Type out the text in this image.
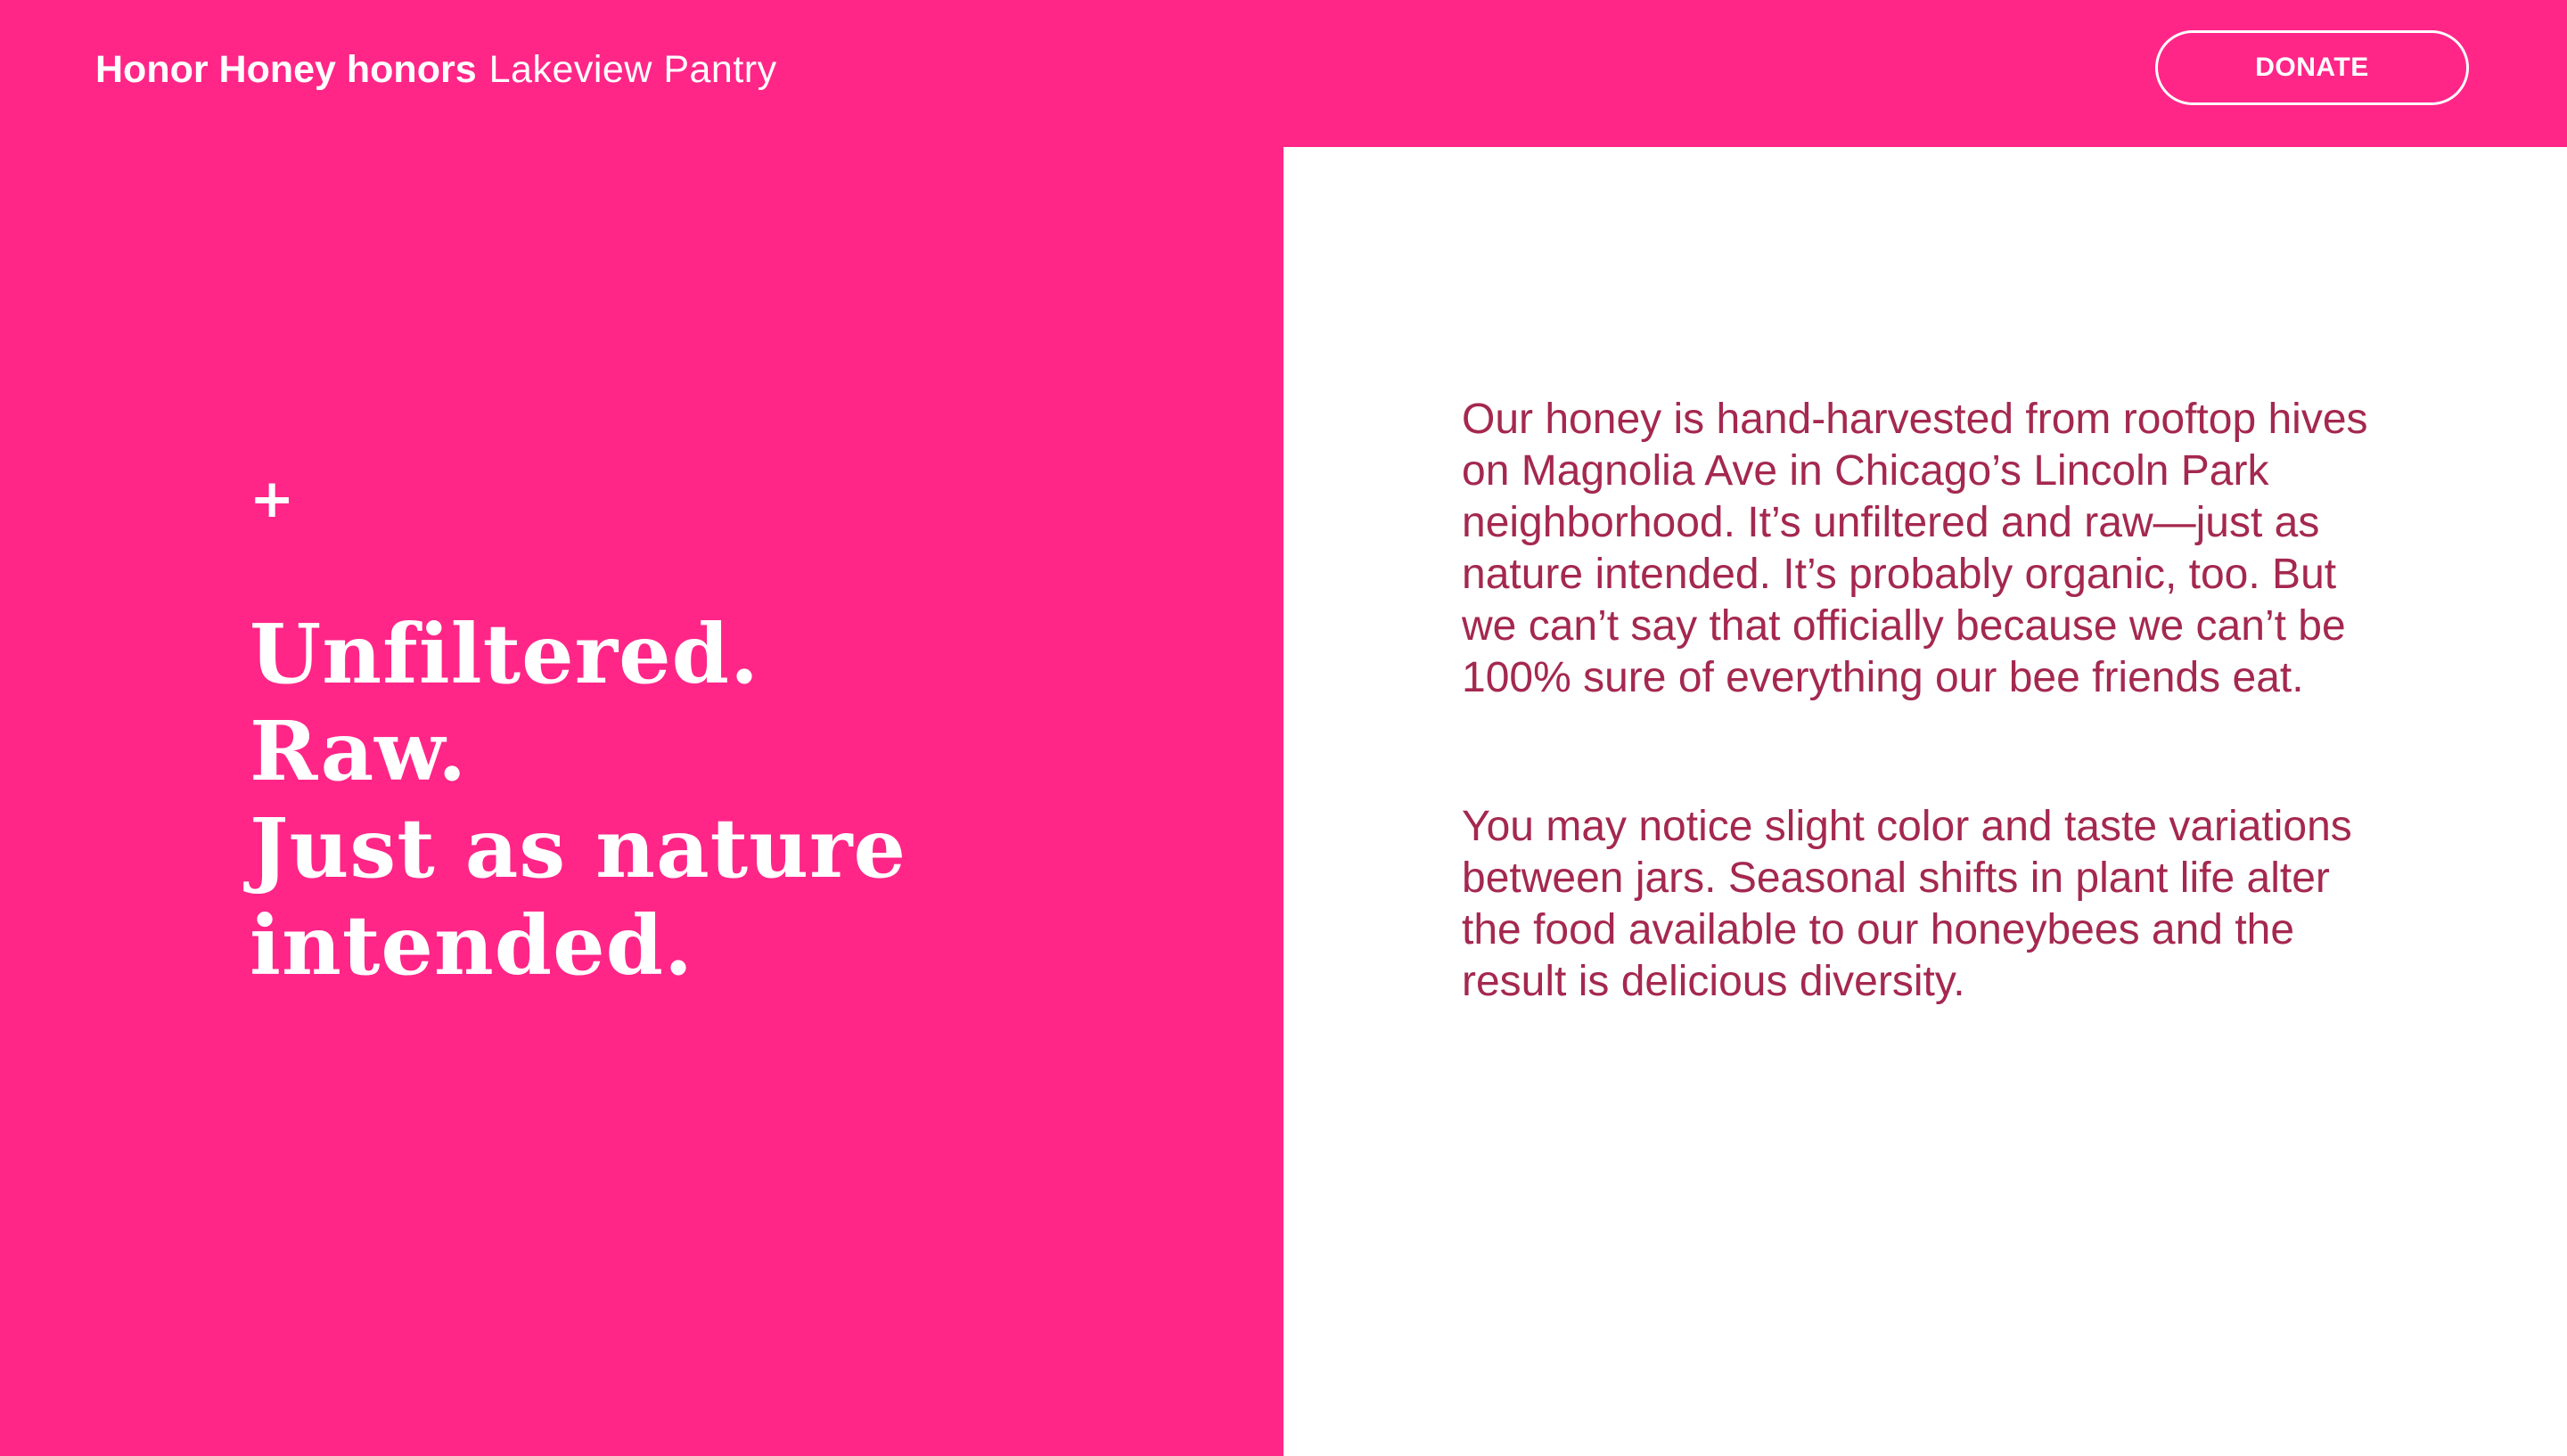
Honor Honey honors Lakeview Pantry	DONATE
+
Unfiltered.
Raw.
Just as nature
intended.

Our honey is hand-harvested from rooftop hives on Magnolia Ave in Chicago’s Lincoln Park neighborhood. It’s unfiltered and raw—just as nature intended. It’s probably organic, too. But we can’t say that officially because we can’t be 100% sure of everything our bee friends eat.

You may notice slight color and taste variations between jars. Seasonal shifts in plant life alter the food available to our honeybees and the result is delicious diversity.
